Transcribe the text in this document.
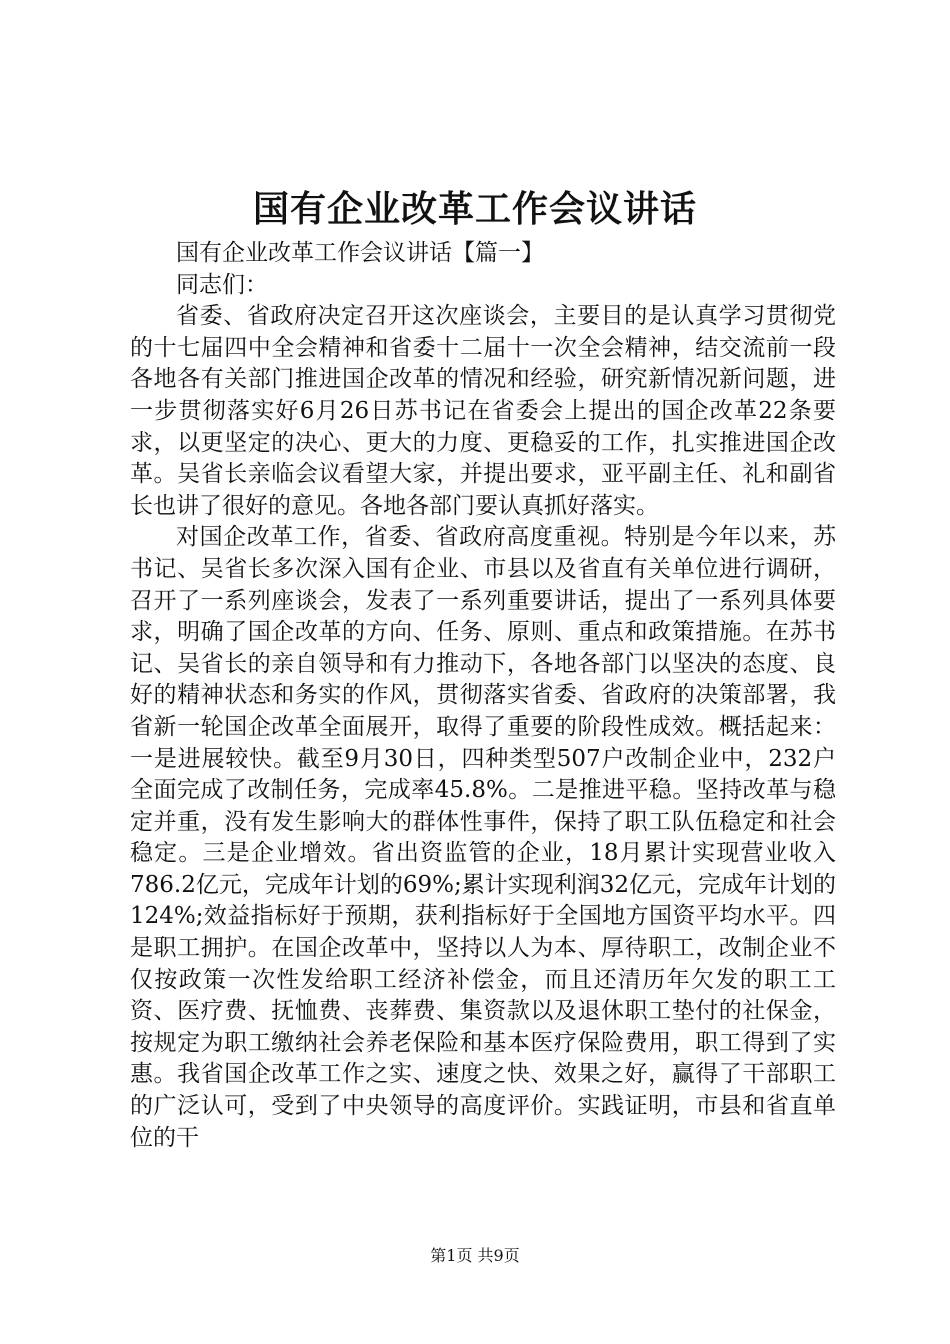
国有企业改革工作会议讲话

国有企业改革工作会议讲话【篇一】

同志们：

省委、省政府决定召开这次座谈会，主要目的是认真学习贯彻党的十七届四中全会精神和省委十二届十一次全会精神，结交流前一段各地各有关部门推进国企改革的情况和经验，研究新情况新问题，进一步贯彻落实好6月26日苏书记在省委会上提出的国企改革22条要求，以更坚定的决心、更大的力度、更稳妥的工作，扎实推进国企改革。吴省长亲临会议看望大家，并提出要求，亚平副主任、礼和副省长也讲了很好的意见。各地各部门要认真抓好落实。

对国企改革工作，省委、省政府高度重视。特别是今年以来，苏书记、吴省长多次深入国有企业、市县以及省直有关单位进行调研，召开了一系列座谈会，发表了一系列重要讲话，提出了一系列具体要求，明确了国企改革的方向、任务、原则、重点和政策措施。在苏书记、吴省长的亲自领导和有力推动下，各地各部门以坚决的态度、良好的精神状态和务实的作风，贯彻落实省委、省政府的决策部署，我省新一轮国企改革全面展开，取得了重要的阶段性成效。概括起来：一是进展较快。截至9月30日，四种类型507户改制企业中，232户全面完成了改制任务，完成率45.8%。二是推进平稳。坚持改革与稳定并重，没有发生影响大的群体性事件，保持了职工队伍稳定和社会稳定。三是企业增效。省出资监管的企业，18月累计实现营业收入786.2亿元，完成年计划的69%;累计实现利润32亿元，完成年计划的124%;效益指标好于预期，获利指标好于全国地方国资平均水平。四是职工拥护。在国企改革中，坚持以人为本、厚待职工，改制企业不仅按政策一次性发给职工经济补偿金，而且还清历年欠发的职工工资、医疗费、抚恤费、丧葬费、集资款以及退休职工垫付的社保金，按规定为职工缴纳社会养老保险和基本医疗保险费用，职工得到了实惠。我省国企改革工作之实、速度之快、效果之好，赢得了干部职工的广泛认可，受到了中央领导的高度评价。实践证明，市县和省直单位的干

第1页 共9页
